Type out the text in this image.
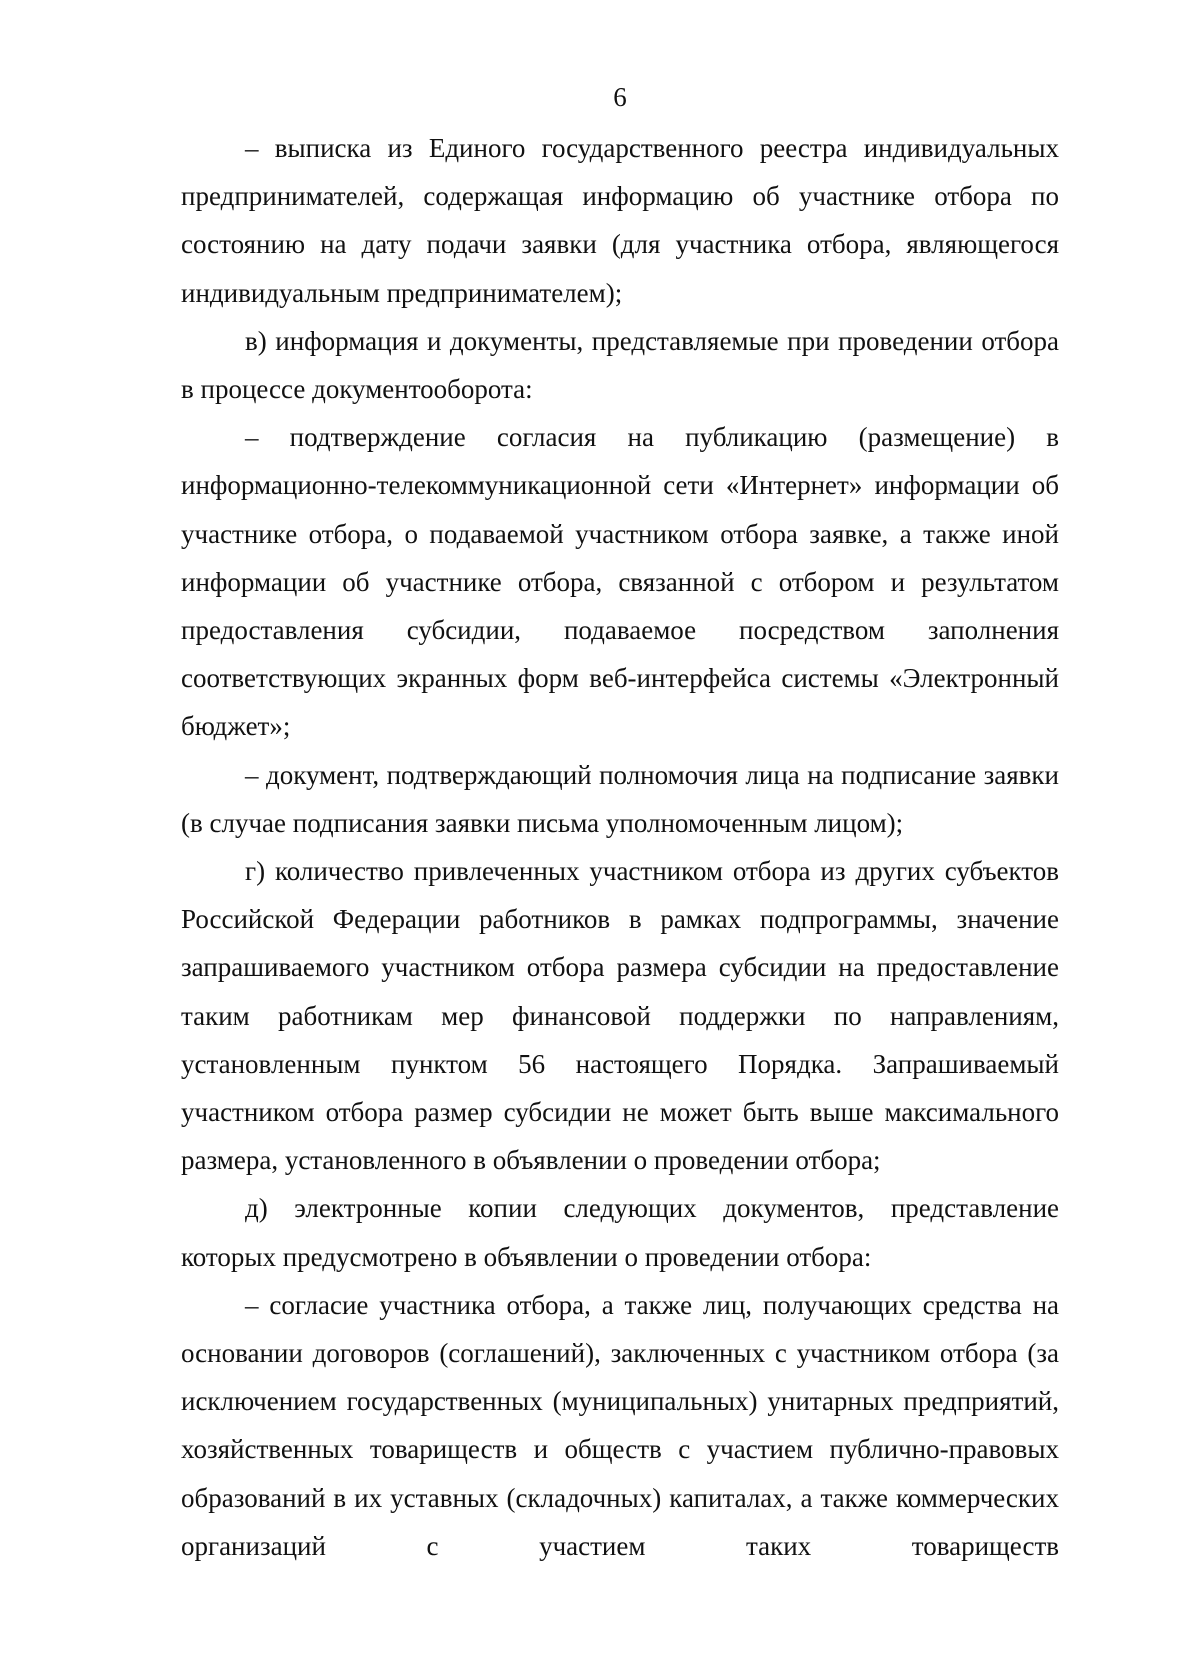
6

– выписка из Единого государственного реестра индивидуальных предпринимателей, содержащая информацию об участнике отбора по состоянию на дату подачи заявки (для участника отбора, являющегося индивидуальным предпринимателем);

в) информация и документы, представляемые при проведении отбора в процессе документооборота:

– подтверждение согласия на публикацию (размещение) в информационно-телекоммуникационной сети «Интернет» информации об участнике отбора, о подаваемой участником отбора заявке, а также иной информации об участнике отбора, связанной с отбором и результатом предоставления субсидии, подаваемое посредством заполнения соответствующих экранных форм веб-интерфейса системы «Электронный бюджет»;

– документ, подтверждающий полномочия лица на подписание заявки (в случае подписания заявки письма уполномоченным лицом);

г) количество привлеченных участником отбора из других субъектов Российской Федерации работников в рамках подпрограммы, значение запрашиваемого участником отбора размера субсидии на предоставление таким работникам мер финансовой поддержки по направлениям, установленным пунктом 56 настоящего Порядка. Запрашиваемый участником отбора размер субсидии не может быть выше максимального размера, установленного в объявлении о проведении отбора;

д) электронные копии следующих документов, представление которых предусмотрено в объявлении о проведении отбора:

– согласие участника отбора, а также лиц, получающих средства на основании договоров (соглашений), заключенных с участником отбора (за исключением государственных (муниципальных) унитарных предприятий, хозяйственных товариществ и обществ с участием публично-правовых образований в их уставных (складочных) капиталах, а также коммерческих организаций с участием таких товариществ
